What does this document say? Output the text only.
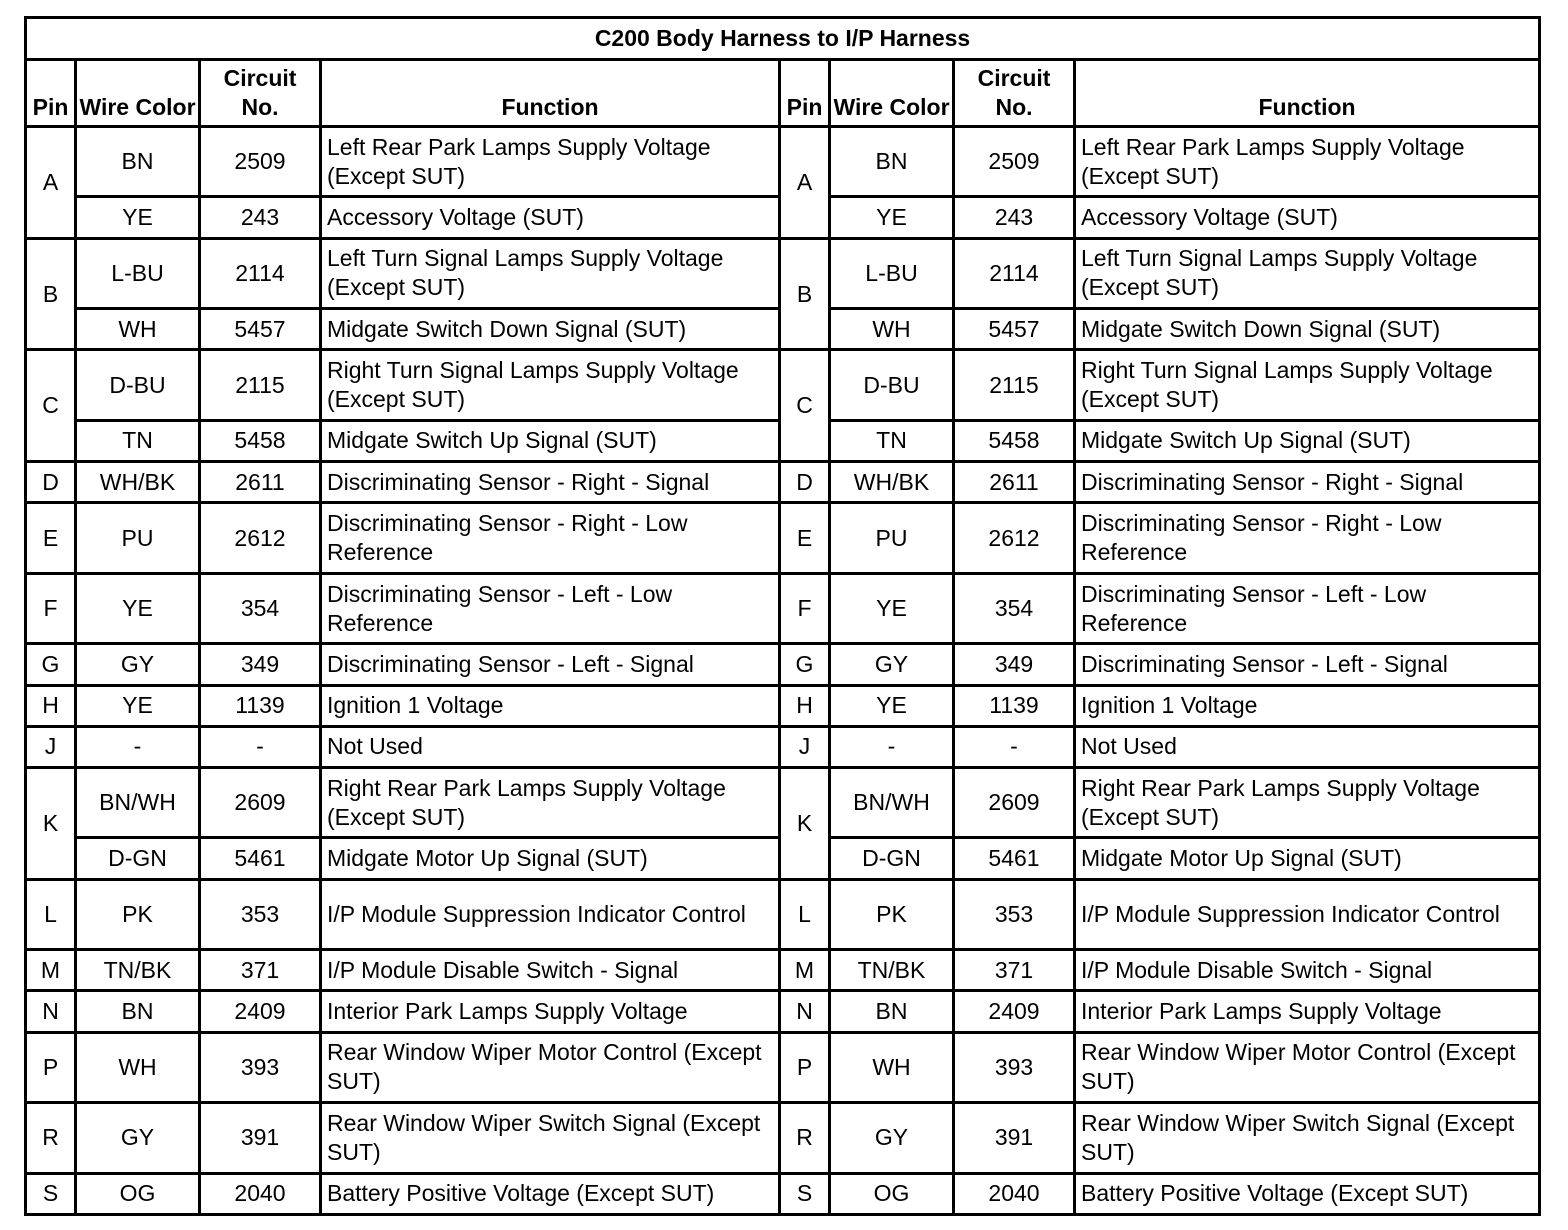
C200 Body Harness to I/P Harness							
Pin	Wire Color	Circuit No.	Function	Pin	Wire Color	Circuit No.	Function
A	BN	2509	Left Rear Park Lamps Supply Voltage (Except SUT)	A	BN	2509	Left Rear Park Lamps Supply Voltage (Except SUT)
	YE	243	Accessory Voltage (SUT)		YE	243	Accessory Voltage (SUT)
B	L-BU	2114	Left Turn Signal Lamps Supply Voltage (Except SUT)	B	L-BU	2114	Left Turn Signal Lamps Supply Voltage (Except SUT)
	WH	5457	Midgate Switch Down Signal (SUT)		WH	5457	Midgate Switch Down Signal (SUT)
C	D-BU	2115	Right Turn Signal Lamps Supply Voltage (Except SUT)	C	D-BU	2115	Right Turn Signal Lamps Supply Voltage (Except SUT)
	TN	5458	Midgate Switch Up Signal (SUT)		TN	5458	Midgate Switch Up Signal (SUT)
D	WH/BK	2611	Discriminating Sensor - Right - Signal	D	WH/BK	2611	Discriminating Sensor - Right - Signal
E	PU	2612	Discriminating Sensor - Right - Low Reference	E	PU	2612	Discriminating Sensor - Right - Low Reference
F	YE	354	Discriminating Sensor - Left - Low Reference	F	YE	354	Discriminating Sensor - Left - Low Reference
G	GY	349	Discriminating Sensor - Left - Signal	G	GY	349	Discriminating Sensor - Left - Signal
H	YE	1139	Ignition 1 Voltage	H	YE	1139	Ignition 1 Voltage
J	-	-	Not Used	J	-	-	Not Used
K	BN/WH	2609	Right Rear Park Lamps Supply Voltage (Except SUT)	K	BN/WH	2609	Right Rear Park Lamps Supply Voltage (Except SUT)
	D-GN	5461	Midgate Motor Up Signal (SUT)		D-GN	5461	Midgate Motor Up Signal (SUT)
L	PK	353	I/P Module Suppression Indicator Control	L	PK	353	I/P Module Suppression Indicator Control
M	TN/BK	371	I/P Module Disable Switch - Signal	M	TN/BK	371	I/P Module Disable Switch - Signal
N	BN	2409	Interior Park Lamps Supply Voltage	N	BN	2409	Interior Park Lamps Supply Voltage
P	WH	393	Rear Window Wiper Motor Control (Except SUT)	P	WH	393	Rear Window Wiper Motor Control (Except SUT)
R	GY	391	Rear Window Wiper Switch Signal (Except SUT)	R	GY	391	Rear Window Wiper Switch Signal (Except SUT)
S	OG	2040	Battery Positive Voltage (Except SUT)	S	OG	2040	Battery Positive Voltage (Except SUT)
